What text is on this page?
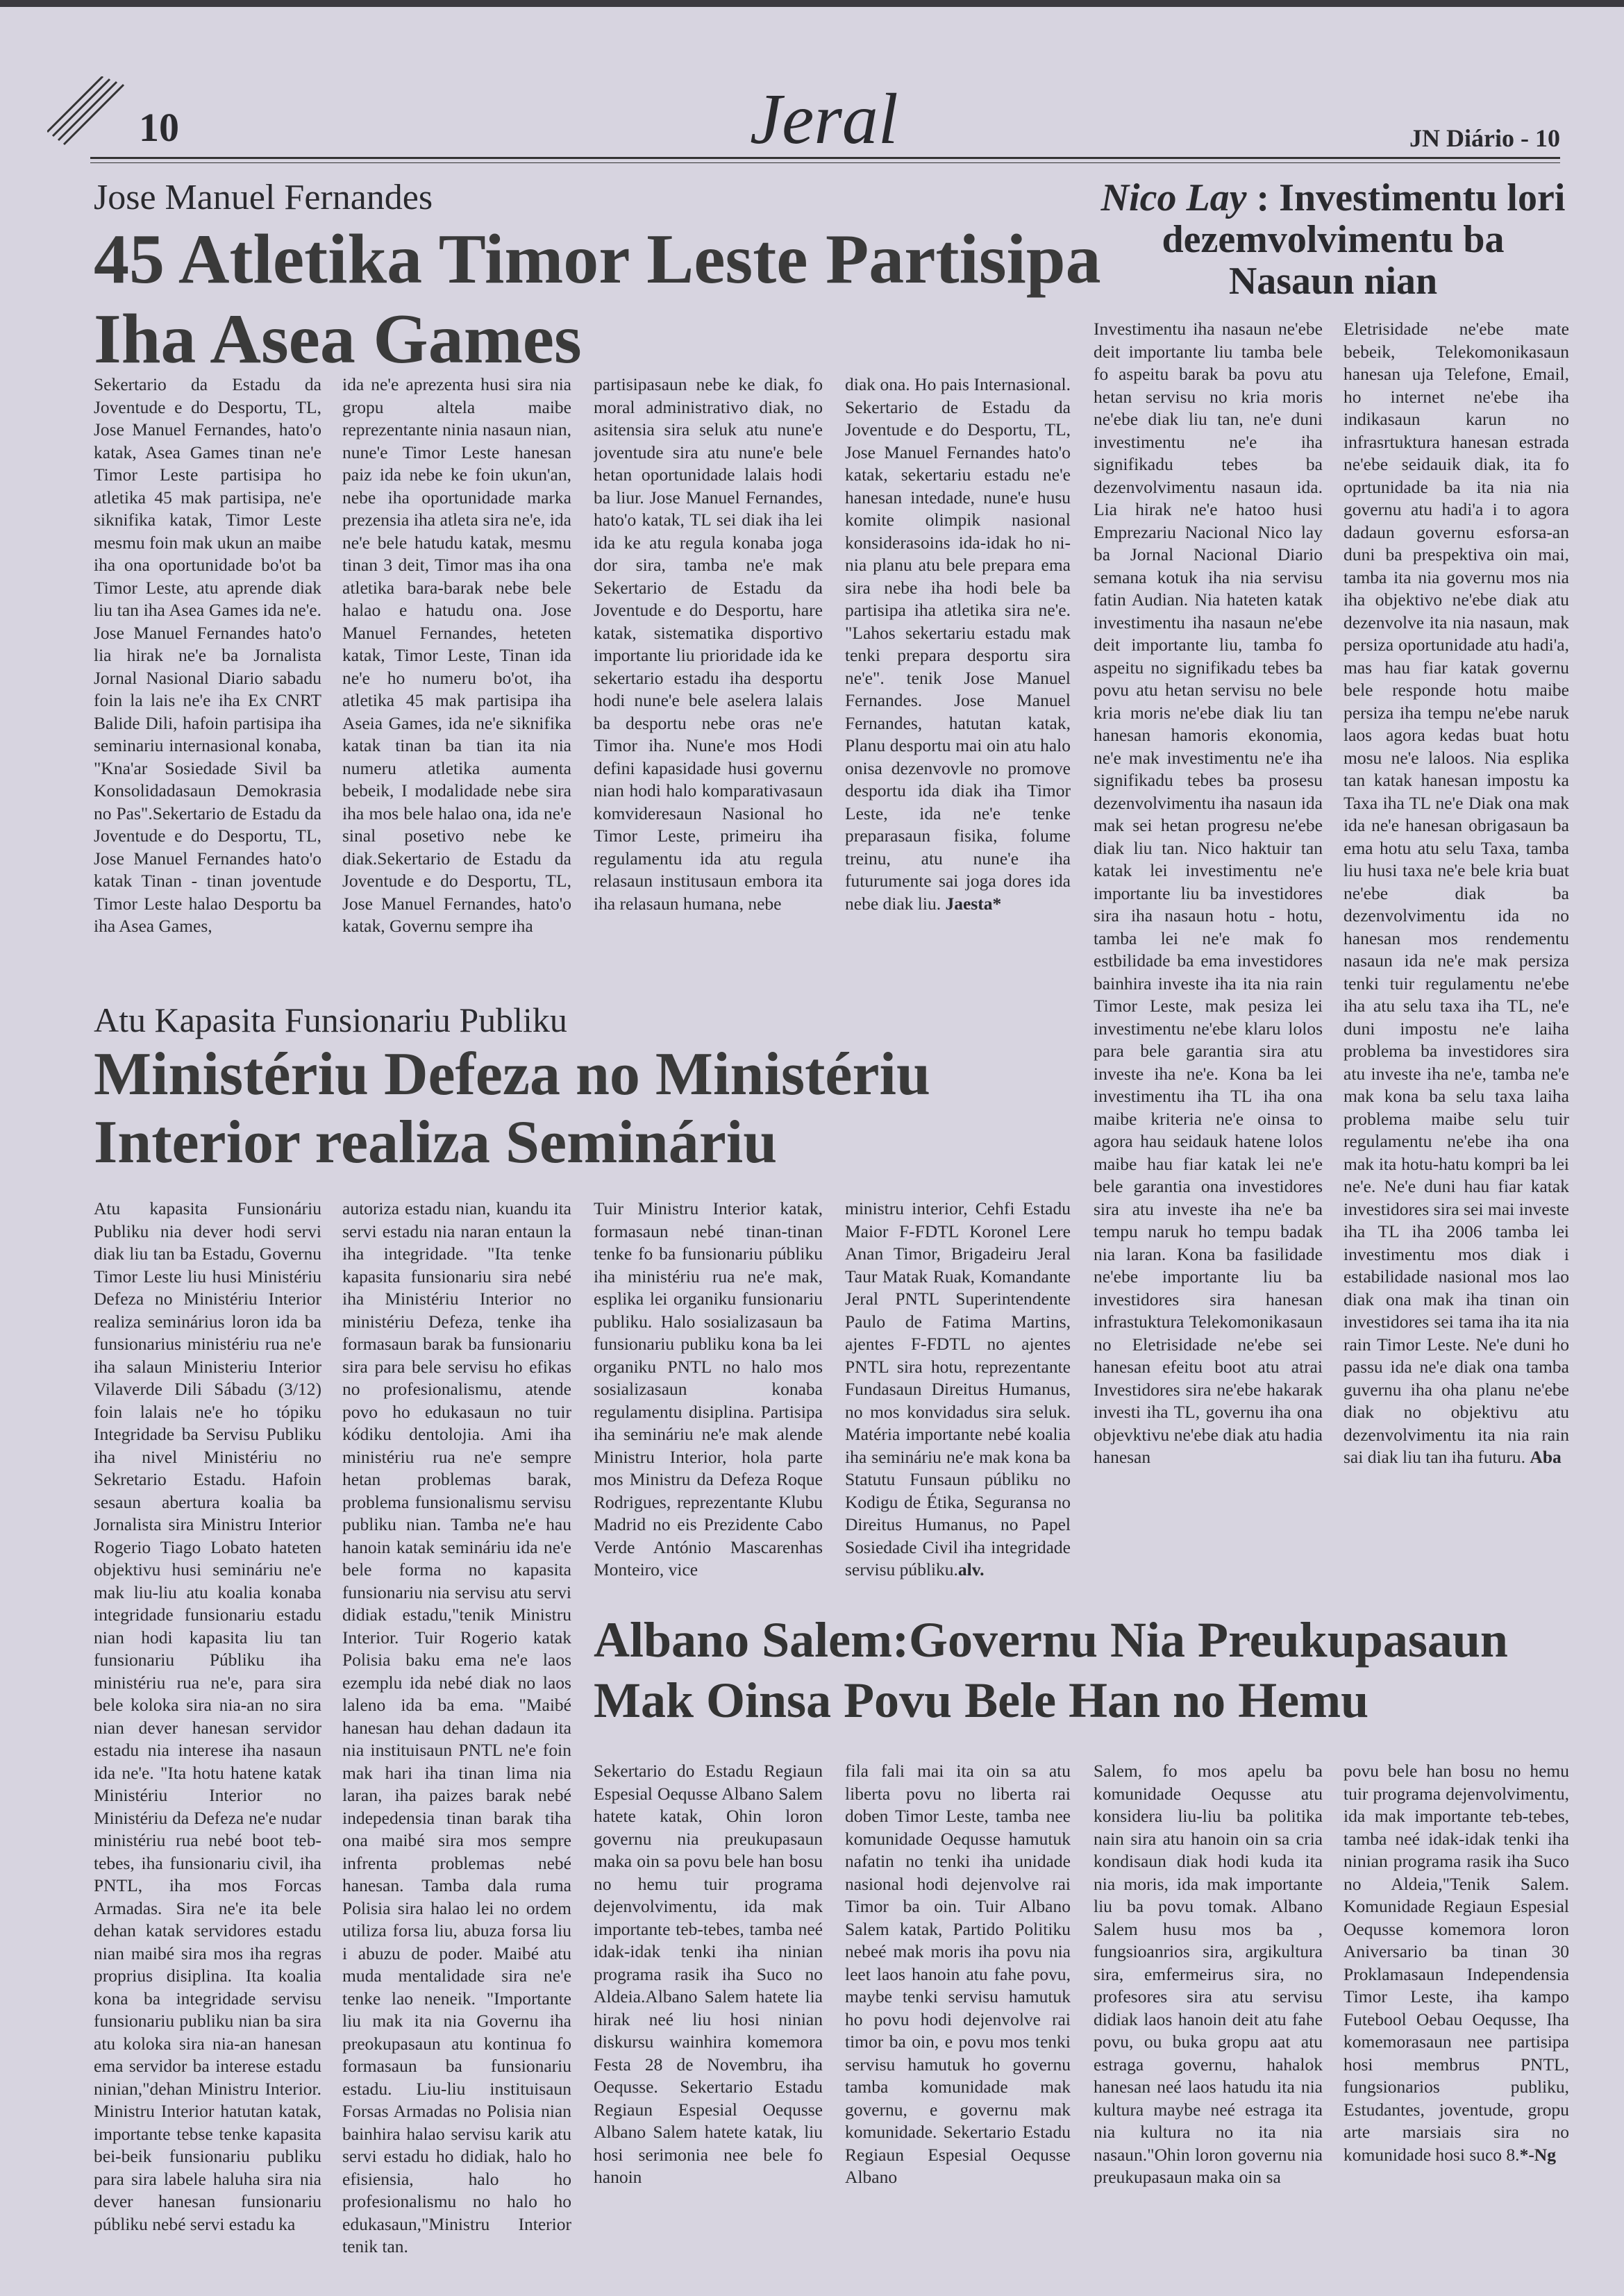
10	Jeral	JN Diário - 10
Jose Manuel Fernandes
45 Atletika Timor Leste Partisipa
Iha Asea Games

Sekertario da Estadu da Joventude e do Desportu, TL, Jose Manuel Fernandes, hato'o katak, Asea Games tinan ne'e Timor Leste partisipa ho atletika 45 mak partisipa, ne'e siknifika katak, Timor Leste mesmu foin mak ukun an maibe iha ona oportunidade bo'ot ba Timor Leste, atu aprende diak liu tan iha Asea Games ida ne'e. Jose Manuel Fernandes hato'o lia hirak ne'e ba Jornalista Jornal Nasional Diario sabadu foin la lais ne'e iha Ex CNRT Balide Dili, hafoin partisipa iha seminariu internasional konaba, "Kna'ar Sosiedade Sivil ba Konsolidadasaun Demokrasia no Pas".Sekertario de Estadu da Joventude e do Desportu, TL, Jose Manuel Fernandes hato'o katak Tinan - tinan joventude Timor Leste halao Desportu ba iha Asea Games,

ida ne'e aprezenta husi sira nia gropu altela maibe reprezentante ninia nasaun nian, nune'e Timor Leste hanesan paiz ida nebe ke foin ukun'an, nebe iha oportunidade marka prezensia iha atleta sira ne'e, ida ne'e bele hatudu katak, mesmu tinan 3 deit, Timor mas iha ona atletika bara-barak nebe bele halao e hatudu ona. Jose Manuel Fernandes, heteten katak, Timor Leste, Tinan ida ne'e ho numeru bo'ot, iha atletika 45 mak partisipa iha Aseia Games, ida ne'e siknifika katak tinan ba tian ita nia numeru atletika aumenta bebeik, I modalidade nebe sira iha mos bele halao ona, ida ne'e sinal posetivo nebe ke diak.Sekertario de Estadu da Joventude e do Desportu, TL, Jose Manuel Fernandes, hato'o katak, Governu sempre iha

partisipasaun nebe ke diak, fo moral administrativo diak, no asitensia sira seluk atu nune'e joventude sira atu nune'e bele hetan oportunidade lalais hodi ba liur. Jose Manuel Fernandes, hato'o katak, TL sei diak iha lei ida ke atu regula konaba joga dor sira, tamba ne'e mak Sekertario de Estadu da Joventude e do Desportu, hare katak, sistematika disportivo importante liu prioridade ida ke sekertario estadu iha desportu hodi nune'e bele aselera lalais ba desportu nebe oras ne'e Timor iha. Nune'e mos Hodi defini kapasidade husi governu nian hodi halo komparativasaun komvideresaun Nasional ho Timor Leste, primeiru iha regulamentu ida atu regula relasaun institusaun embora ita iha relasaun humana, nebe

diak ona. Ho pais Internasional. Sekertario de Estadu da Joventude e do Desportu, TL, Jose Manuel Fernandes hato'o katak, sekertariu estadu ne'e hanesan intedade, nune'e husu komite olimpik nasional konsiderasoins ida-idak ho ni-nia planu atu bele prepara ema sira nebe iha hodi bele ba partisipa iha atletika sira ne'e. "Lahos sekertariu estadu mak tenki prepara desportu sira ne'e". tenik Jose Manuel Fernandes. Jose Manuel Fernandes, hatutan katak, Planu desportu mai oin atu halo onisa dezenvovle no promove desportu ida diak iha Timor Leste, ida ne'e tenke preparasaun fisika, folume treinu, atu nune'e iha futurumente sai joga dores ida nebe diak liu. Jaesta*

Nico Lay : Investimentu lori dezemvolvimentu ba Nasaun nian

Investimentu iha nasaun ne'ebe deit importante liu tamba bele fo aspeitu barak ba povu atu hetan servisu no kria moris ne'ebe diak liu tan, ne'e duni investimentu ne'e iha signifikadu tebes ba dezenvolvimentu nasaun ida. Lia hirak ne'e hatoo husi Emprezariu Nacional Nico lay ba Jornal Nacional Diario semana kotuk iha nia servisu fatin Audian. Nia hateten katak investimentu iha nasaun ne'ebe deit importante liu, tamba fo aspeitu no signifikadu tebes ba povu atu hetan servisu no bele kria moris ne'ebe diak liu tan hanesan hamoris ekonomia, ne'e mak investimentu ne'e iha signifikadu tebes ba prosesu dezenvolvimentu iha nasaun ida mak sei hetan progresu ne'ebe diak liu tan. Nico haktuir tan katak lei investimentu ne'e importante liu ba investidores sira iha nasaun hotu - hotu, tamba lei ne'e mak fo estbilidade ba ema investidores bainhira investe iha ita nia rain Timor Leste, mak pesiza lei investimentu ne'ebe klaru lolos para bele garantia sira atu investe iha ne'e. Kona ba lei investimentu iha TL iha ona maibe kriteria ne'e oinsa to agora hau seidauk hatene lolos maibe hau fiar katak lei ne'e bele garantia ona investidores sira atu investe iha ne'e ba tempu naruk ho tempu badak nia laran. Kona ba fasilidade ne'ebe importante liu ba investidores sira hanesan infrastuktura Telekomonikasaun no Eletrisidade ne'ebe sei hanesan efeitu boot atu atrai Investidores sira ne'ebe hakarak investi iha TL, governu iha ona objevktivu ne'ebe diak atu hadia hanesan

Eletrisidade ne'ebe mate bebeik, Telekomonikasaun hanesan uja Telefone, Email, ho internet ne'ebe iha indikasaun karun no infrasrtuktura hanesan estrada ne'ebe seidauik diak, ita fo oprtunidade ba ita nia nia governu atu hadi'a i to agora dadaun governu esforsa-an duni ba prespektiva oin mai, tamba ita nia governu mos nia iha objektivo ne'ebe diak atu dezenvolve ita nia nasaun, mak persiza oportunidade atu hadi'a, mas hau fiar katak governu bele responde hotu maibe persiza iha tempu ne'ebe naruk laos agora kedas buat hotu mosu ne'e laloos. Nia esplika tan katak hanesan impostu ka Taxa iha TL ne'e Diak ona mak ida ne'e hanesan obrigasaun ba ema hotu atu selu Taxa, tamba liu husi taxa ne'e bele kria buat ne'ebe diak ba dezenvolvimentu ida no hanesan mos rendementu nasaun ida ne'e mak persiza tenki tuir regulamentu ne'ebe iha atu selu taxa iha TL, ne'e duni impostu ne'e laiha problema ba investidores sira atu investe iha ne'e, tamba ne'e mak kona ba selu taxa laiha problema maibe selu tuir regulamentu ne'ebe iha ona mak ita hotu-hatu kompri ba lei ne'e. Ne'e duni hau fiar katak investidores sira sei mai investe iha TL iha 2006 tamba lei investimentu mos diak i estabilidade nasional mos lao diak ona mak iha tinan oin investidores sei tama iha ita nia rain Timor Leste. Ne'e duni ho passu ida ne'e diak ona tamba guvernu iha oha planu ne'ebe diak no objektivu atu dezenvolvimentu ita nia rain sai diak liu tan iha futuru. Aba

Atu Kapasita Funsionariu Publiku
Ministériu Defeza no Ministériu
Interior realiza Semináriu

Atu kapasita Funsionáriu Publiku nia dever hodi servi diak liu tan ba Estadu, Governu Timor Leste liu husi Ministériu Defeza no Ministériu Interior realiza seminárius loron ida ba funsionarius ministériu rua ne'e iha salaun Ministeriu Interior Vilaverde Dili Sábadu (3/12) foin lalais ne'e ho tópiku Integridade ba Servisu Publiku iha nivel Ministériu no Sekretario Estadu. Hafoin sesaun abertura koalia ba Jornalista sira Ministru Interior Rogerio Tiago Lobato hateten objektivu husi semináriu ne'e mak liu-liu atu koalia konaba integridade funsionariu estadu nian hodi kapasita liu tan funsionariu Públiku iha ministériu rua ne'e, para sira bele koloka sira nia-an no sira nian dever hanesan servidor estadu nia interese iha nasaun ida ne'e. "Ita hotu hatene katak Ministériu Interior no Ministériu da Defeza ne'e nudar ministériu rua nebé boot teb-tebes, iha funsionariu civil, iha PNTL, iha mos Forcas Armadas. Sira ne'e ita bele dehan katak servidores estadu nian maibé sira mos iha regras proprius disiplina. Ita koalia kona ba integridade servisu funsionariu publiku nian ba sira atu koloka sira nia-an hanesan ema servidor ba interese estadu ninian,"dehan Ministru Interior. Ministru Interior hatutan katak, importante tebse tenke kapasita bei-beik funsionariu publiku para sira labele haluha sira nia dever hanesan funsionariu públiku nebé servi estadu ka

autoriza estadu nian, kuandu ita servi estadu nia naran entaun la iha integridade. "Ita tenke kapasita funsionariu sira nebé iha Ministériu Interior no ministériu Defeza, tenke iha formasaun barak ba funsionariu sira para bele servisu ho efikas no profesionalismu, atende povo ho edukasaun no tuir kódiku dentolojia. Ami iha ministériu rua ne'e sempre hetan problemas barak, problema funsionalismu servisu publiku nian. Tamba ne'e hau hanoin katak semináriu ida ne'e bele forma no kapasita funsionariu nia servisu atu servi didiak estadu,"tenik Ministru Interior. Tuir Rogerio katak Polisia baku ema ne'e laos ezemplu ida nebé diak no laos laleno ida ba ema. "Maibé hanesan hau dehan dadaun ita nia instituisaun PNTL ne'e foin mak hari iha tinan lima nia laran, iha paizes barak nebé indepedensia tinan barak tiha ona maibé sira mos sempre infrenta problemas nebé hanesan. Tamba dala ruma Polisia sira halao lei no ordem utiliza forsa liu, abuza forsa liu i abuzu de poder. Maibé atu muda mentalidade sira ne'e tenke lao neneik. "Importante liu mak ita nia Governu iha preokupasaun atu kontinua fo formasaun ba funsionariu estadu. Liu-liu instituisaun Forsas Armadas no Polisia nian bainhira halao servisu karik atu servi estadu ho didiak, halo ho efisiensia, halo ho profesionalismu no halo ho edukasaun,"Ministru Interior tenik tan.

Tuir Ministru Interior katak, formasaun nebé tinan-tinan tenke fo ba funsionariu públiku iha ministériu rua ne'e mak, esplika lei organiku funsionariu publiku. Halo sosializasaun ba funsionariu publiku kona ba lei organiku PNTL no halo mos sosializasaun konaba regulamentu disiplina. Partisipa iha semináriu ne'e mak alende Ministru Interior, hola parte mos Ministru da Defeza Roque Rodrigues, reprezentante Klubu Madrid no eis Prezidente Cabo Verde António Mascarenhas Monteiro, vice

ministru interior, Cehfi Estadu Maior F-FDTL Koronel Lere Anan Timor, Brigadeiru Jeral Taur Matak Ruak, Komandante Jeral PNTL Superintendente Paulo de Fatima Martins, ajentes F-FDTL no ajentes PNTL sira hotu, reprezentante Fundasaun Direitus Humanus, no mos konvidadus sira seluk. Matéria importante nebé koalia iha semináriu ne'e mak kona ba Statutu Funsaun públiku no Kodigu de Étika, Seguransa no Direitus Humanus, no Papel Sosiedade Civil iha integridade servisu públiku.alv.

Albano Salem:Governu Nia Preukupasaun
Mak Oinsa Povu Bele Han no Hemu

Sekertario do Estadu Regiaun Espesial Oequsse Albano Salem hatete katak, Ohin loron governu nia preukupasaun maka oin sa povu bele han bosu no hemu tuir programa dejenvolvimentu, ida mak importante teb-tebes, tamba neé idak-idak tenki iha ninian programa rasik iha Suco no Aldeia.Albano Salem hatete lia hirak neé liu hosi ninian diskursu wainhira komemora Festa 28 de Novembru, iha Oequsse. Sekertario Estadu Regiaun Espesial Oequsse Albano Salem hatete katak, liu hosi serimonia nee bele fo hanoin

fila fali mai ita oin sa atu liberta povu no liberta rai doben Timor Leste, tamba nee komunidade Oequsse hamutuk nafatin no tenki iha unidade nasional hodi dejenvolve rai Timor ba oin. Tuir Albano Salem katak, Partido Politiku nebeé mak moris iha povu nia leet laos hanoin atu fahe povu, maybe tenki servisu hamutuk ho povu hodi dejenvolve rai timor ba oin, e povu mos tenki servisu hamutuk ho governu tamba komunidade mak governu, e governu mak komunidade. Sekertario Estadu Regiaun Espesial Oequsse Albano

Salem, fo mos apelu ba komunidade Oequsse atu konsidera liu-liu ba politika nain sira atu hanoin oin sa cria kondisaun diak hodi kuda ita nia moris, ida mak importante liu ba povu tomak. Albano Salem husu mos ba , fungsioanrios sira, argikultura sira, emfermeirus sira, no profesores sira atu servisu didiak laos hanoin deit atu fahe povu, ou buka gropu aat atu estraga governu, hahalok hanesan neé laos hatudu ita nia kultura maybe neé estraga ita nia kultura no ita nia nasaun."Ohin loron governu nia preukupasaun maka oin sa

povu bele han bosu no hemu tuir programa dejenvolvimentu, ida mak importante teb-tebes, tamba neé idak-idak tenki iha ninian programa rasik iha Suco no Aldeia,"Tenik Salem. Komunidade Regiaun Espesial Oequsse komemora loron Aniversario ba tinan 30 Proklamasaun Independensia Timor Leste, iha kampo Futebool Oebau Oequsse, Iha komemorasaun nee partisipa hosi membrus PNTL, fungsionarios publiku, Estudantes, joventude, gropu arte marsiais sira no komunidade hosi suco 8.*-Ng
